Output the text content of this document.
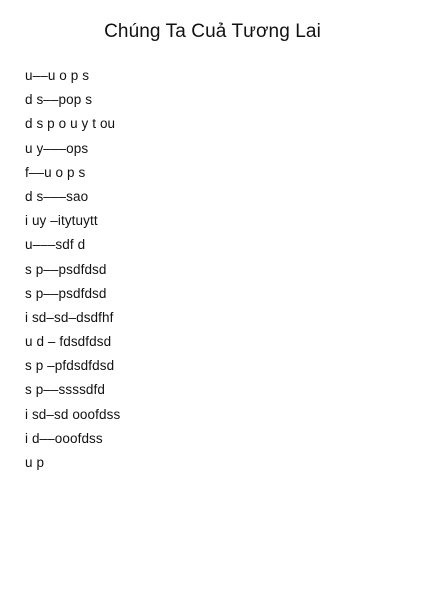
Chúng Ta Cuả Tương Lai
u––u o p s
d s––pop s
d s p o u y t ou
u y–––ops
f––u o p s
d s–––sao
i uy –itytuytt
u–––sdf d
s p––psdfdsd
s p––psdfdsd
i sd–sd–dsdfhf
u d – fdsdfdsd
s p –pfdsdfdsd
s p––ssssdfd
i sd–sd ooofdss
i d––ooofdss
u p
